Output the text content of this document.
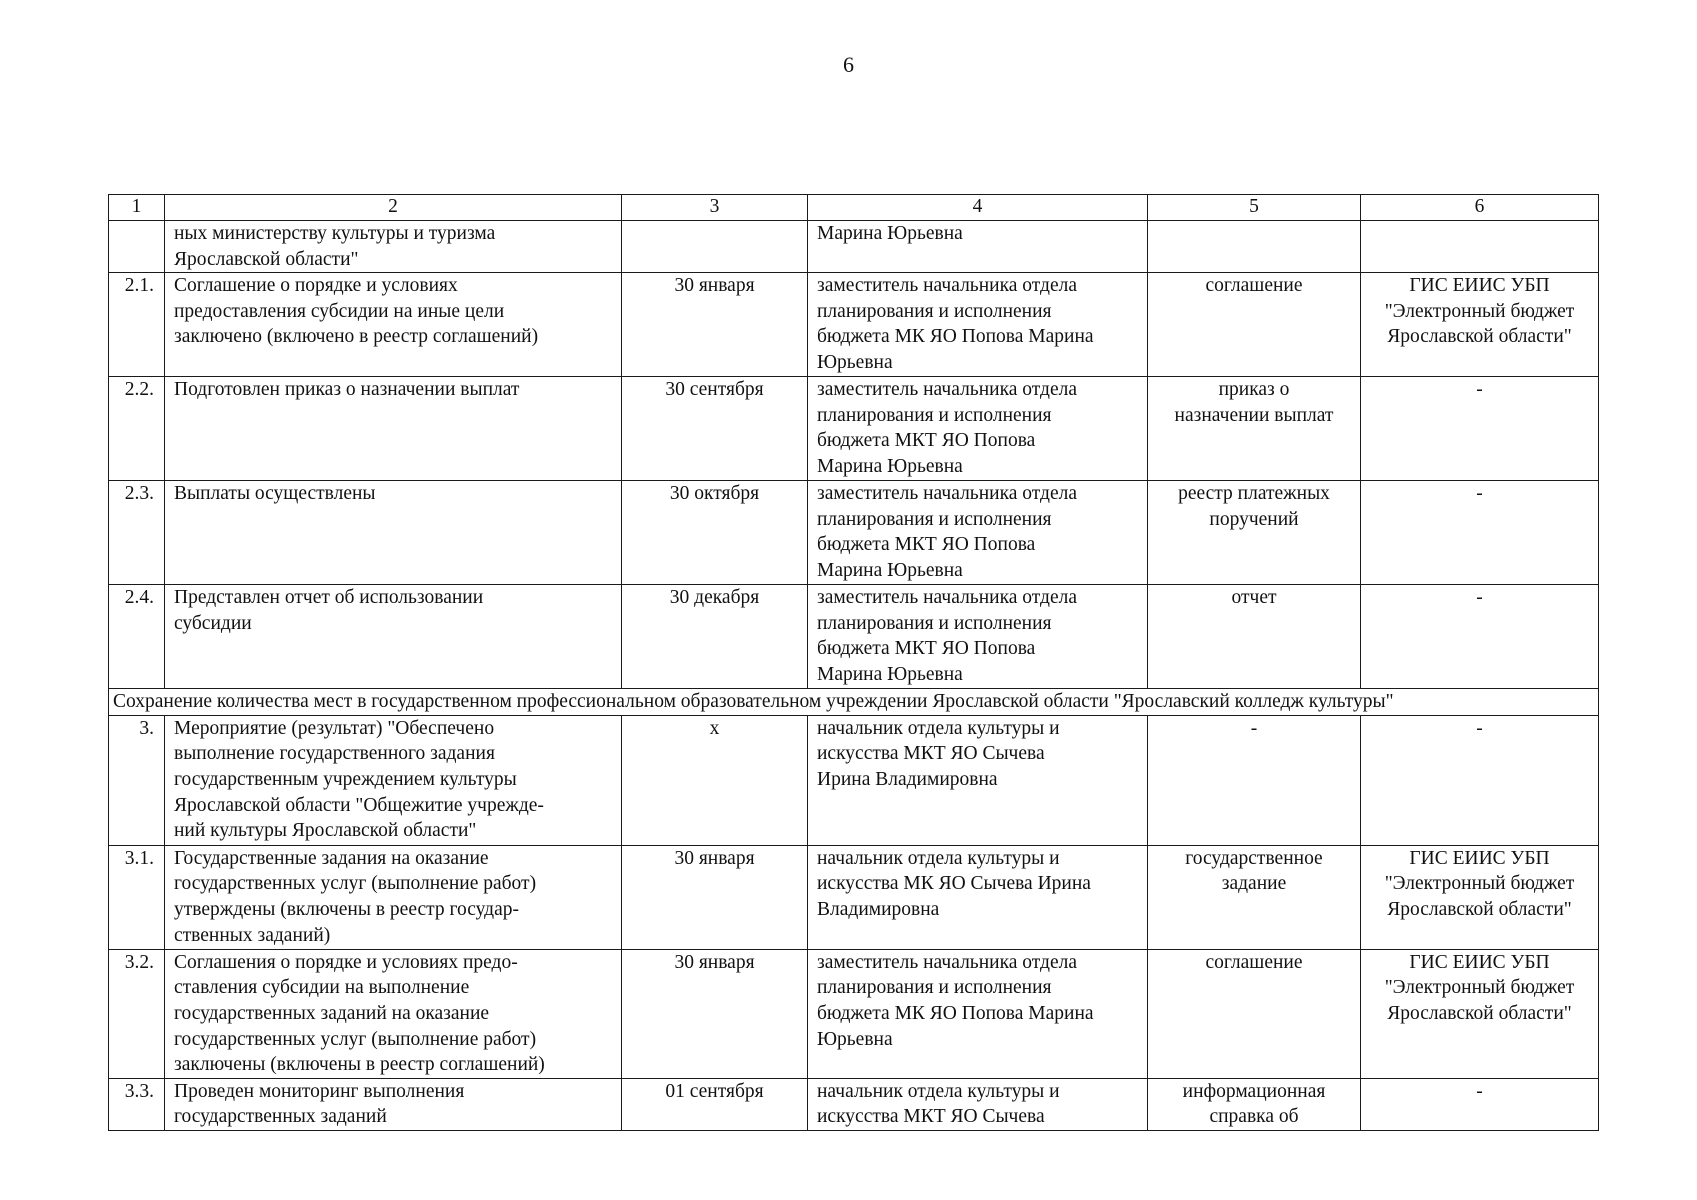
6
1	2	3	4	5	6
	ных министерству культуры и туризма
Ярославской области"		Марина Юрьевна		
2.1.	Соглашение о порядке и условиях
предоставления субсидии на иные цели
заключено (включено в реестр соглашений)	30 января	заместитель начальника отдела
планирования и исполнения
бюджета МК ЯО Попова Марина
Юрьевна	соглашение	ГИС ЕИИС УБП
"Электронный бюджет
Ярославской области"
2.2.	Подготовлен приказ о назначении выплат	30 сентября	заместитель начальника отдела
планирования и исполнения
бюджета МКТ ЯО Попова
Марина Юрьевна	приказ о
назначении выплат	-
2.3.	Выплаты осуществлены	30 октября	заместитель начальника отдела
планирования и исполнения
бюджета МКТ ЯО Попова
Марина Юрьевна	реестр платежных
поручений	-
2.4.	Представлен отчет об использовании
субсидии	30 декабря	заместитель начальника отдела
планирования и исполнения
бюджета МКТ ЯО Попова
Марина Юрьевна	отчет	-
Сохранение количества мест в государственном профессиональном образовательном учреждении Ярославской области "Ярославский колледж культуры"					
3.	Мероприятие (результат) "Обеспечено
выполнение государственного задания
государственным учреждением культуры
Ярославской области "Общежитие учрежде-
ний культуры Ярославской области"	x	начальник отдела культуры и
искусства МКТ ЯО Сычева
Ирина Владимировна	-	-
3.1.	Государственные задания на оказание
государственных услуг (выполнение работ)
утверждены (включены в реестр государ-
ственных заданий)	30 января	начальник отдела культуры и
искусства МК ЯО Сычева Ирина
Владимировна	государственное
задание	ГИС ЕИИС УБП
"Электронный бюджет
Ярославской области"
3.2.	Соглашения о порядке и условиях предо-
ставления субсидии на выполнение
государственных заданий на оказание
государственных услуг (выполнение работ)
заключены (включены в реестр соглашений)	30 января	заместитель начальника отдела
планирования и исполнения
бюджета МК ЯО Попова Марина
Юрьевна	соглашение	ГИС ЕИИС УБП
"Электронный бюджет
Ярославской области"
3.3.	Проведен мониторинг выполнения
государственных заданий	01 сентября	начальник отдела культуры и
искусства МКТ ЯО Сычева	информационная
справка об	-
